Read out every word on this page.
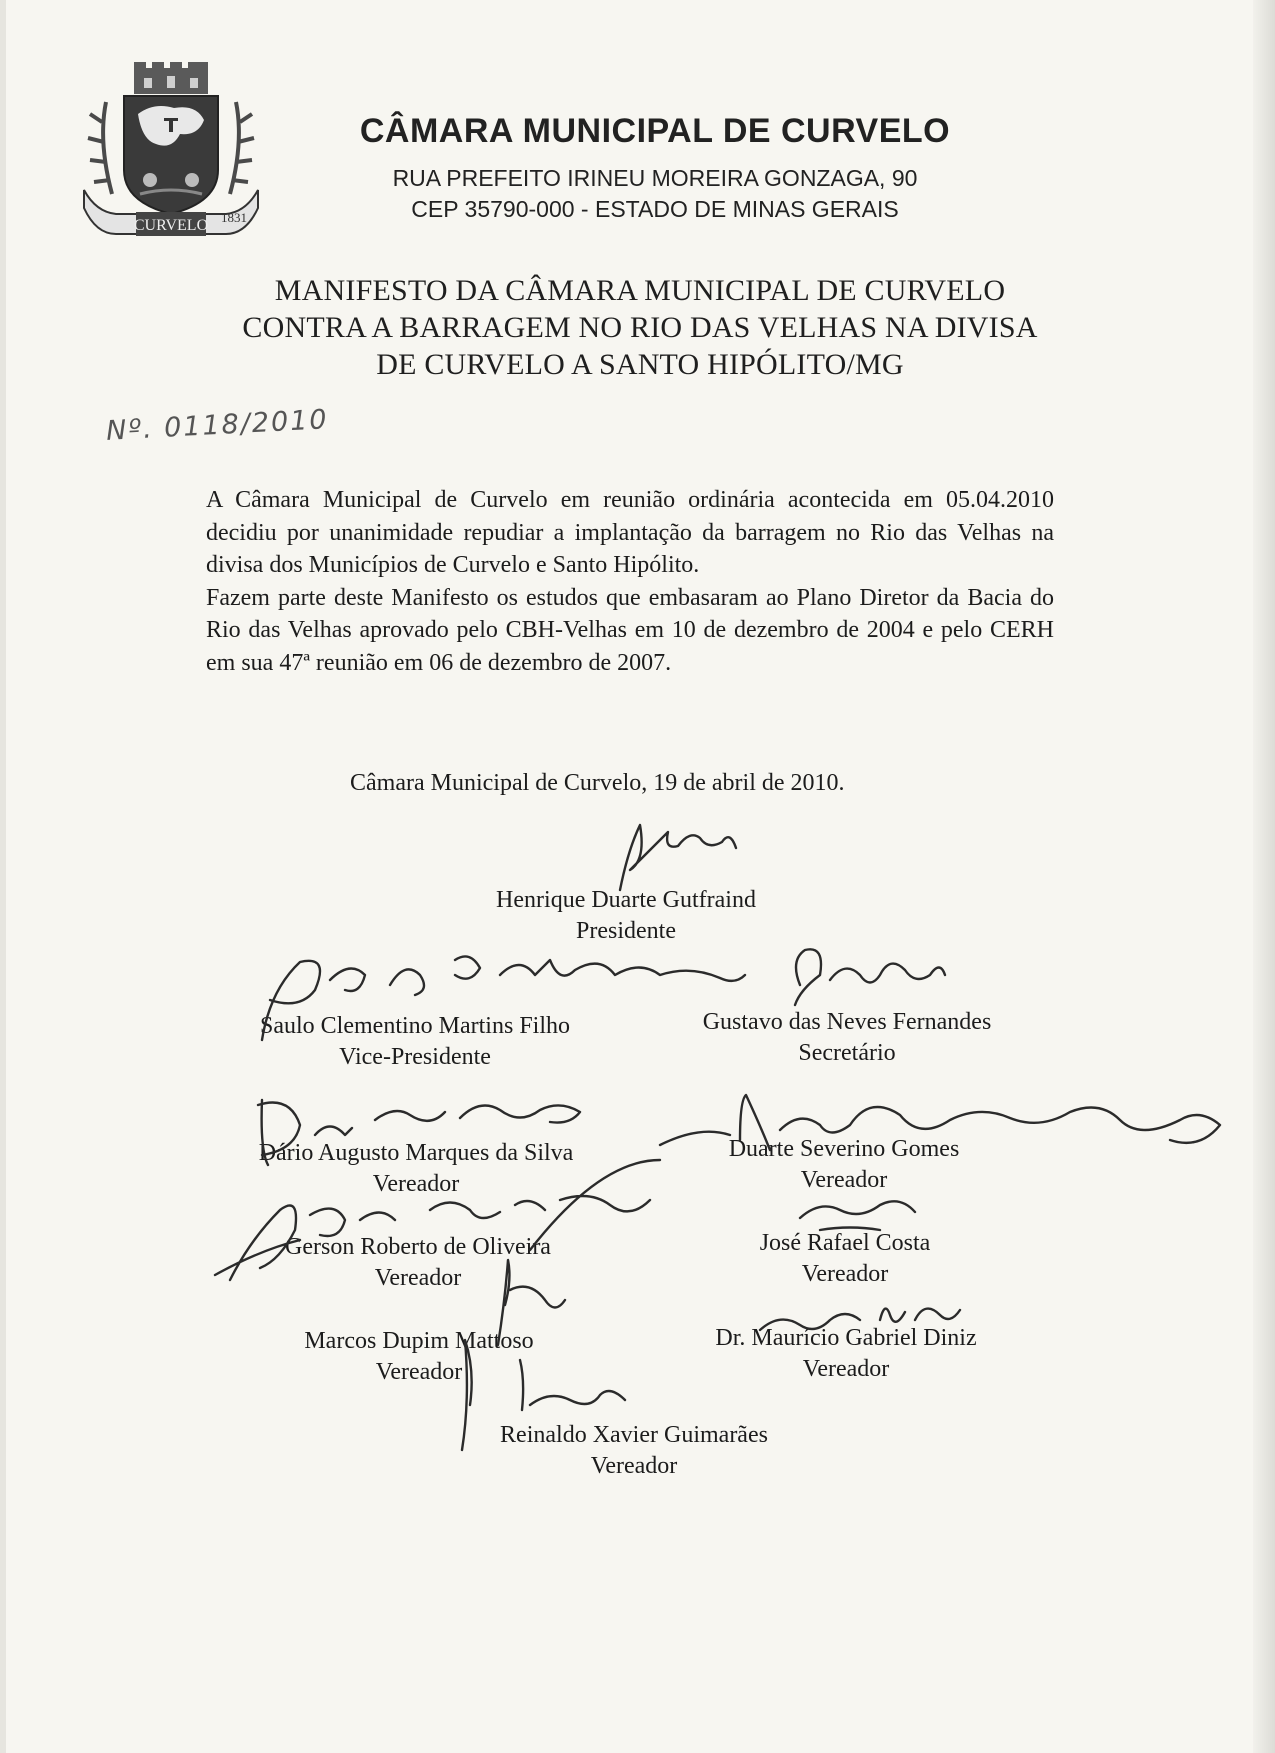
CURVELO 1831
CÂMARA MUNICIPAL DE CURVELO
RUA PREFEITO IRINEU MOREIRA GONZAGA, 90
CEP 35790-000 - ESTADO DE MINAS GERAIS
MANIFESTO DA CÂMARA MUNICIPAL DE CURVELO
CONTRA A BARRAGEM NO RIO DAS VELHAS NA DIVISA
DE CURVELO A SANTO HIPÓLITO/MG
Nº. 0118/2010

A Câmara Municipal de Curvelo em reunião ordinária acontecida em 05.04.2010 decidiu por unanimidade repudiar a implantação da barragem no Rio das Velhas na divisa dos Municípios de Curvelo e Santo Hipólito.

Fazem parte deste Manifesto os estudos que embasaram ao Plano Diretor da Bacia do Rio das Velhas aprovado pelo CBH-Velhas em 10 de dezembro de 2004 e pelo CERH em sua 47ª reunião em 06 de dezembro de 2007.

Câmara Municipal de Curvelo, 19 de abril de 2010.
Henrique Duarte Gutfraind
Presidente
Saulo Clementino Martins Filho
Vice-Presidente
Gustavo das Neves Fernandes
Secretário
Dário Augusto Marques da Silva
Vereador
Duarte Severino Gomes
Vereador
Gerson Roberto de Oliveira
Vereador
José Rafael Costa
Vereador
Marcos Dupim Mattoso
Vereador
Dr. Maurício Gabriel Diniz
Vereador
Reinaldo Xavier Guimarães
Vereador
